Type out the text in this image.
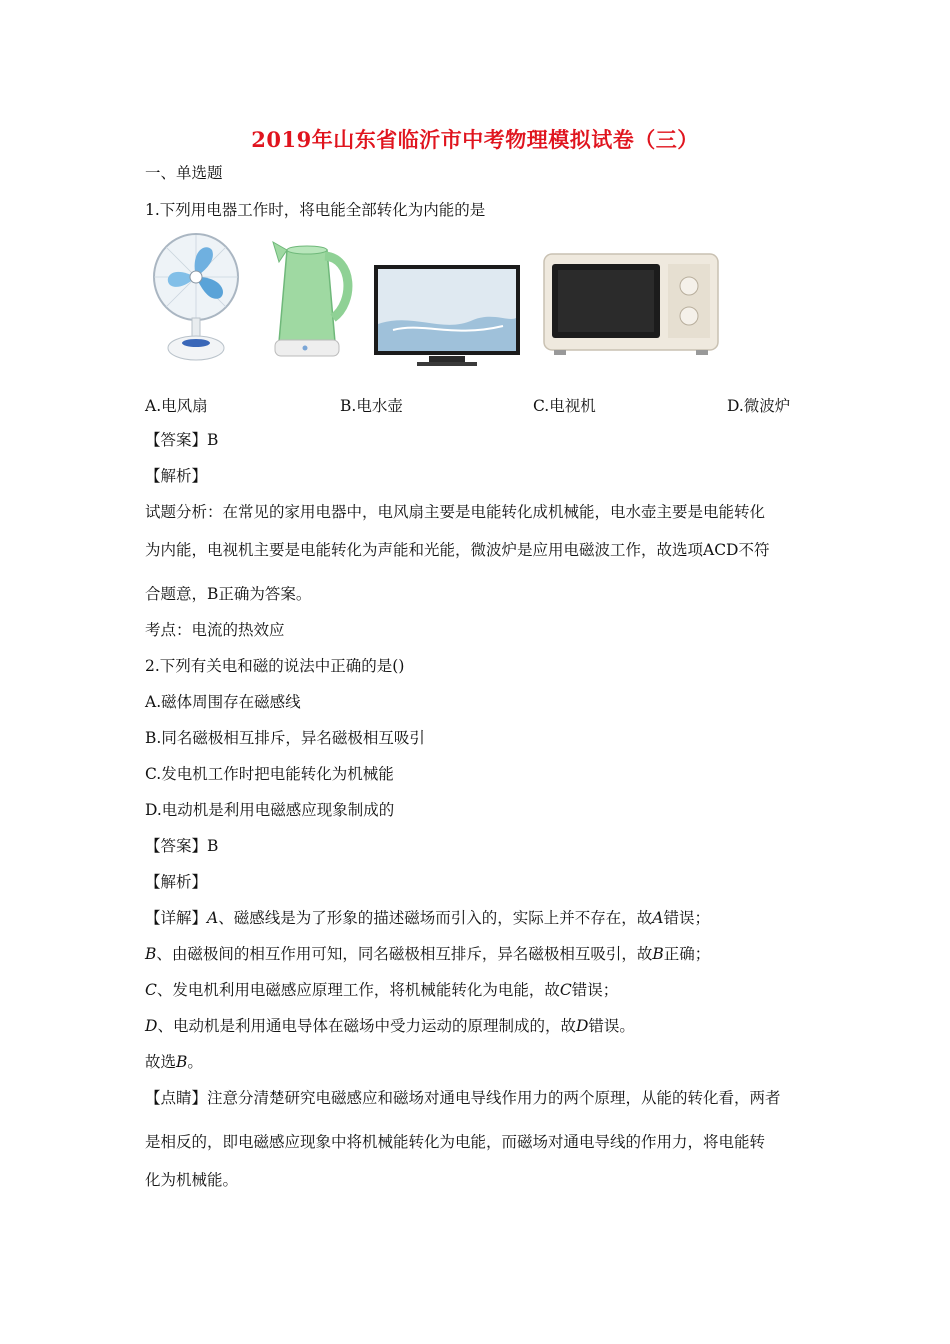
2019年山东省临沂市中考物理模拟试卷（三）
一、单选题
1.下列用电器工作时，将电能全部转化为内能的是
A.电风扇	B.电水壶	C.电视机	D.微波炉
【答案】B
【解析】
试题分析：在常见的家用电器中，电风扇主要是电能转化成机械能，电水壶主要是电能转化
为内能，电视机主要是电能转化为声能和光能，微波炉是应用电磁波工作，故选项ACD不符
合题意，B正确为答案。
考点：电流的热效应
2.下列有关电和磁的说法中正确的是()
A.磁体周围存在磁感线
B.同名磁极相互排斥，异名磁极相互吸引
C.发电机工作时把电能转化为机械能
D.电动机是利用电磁感应现象制成的
【答案】B
【解析】
【详解】A、磁感线是为了形象的描述磁场而引入的，实际上并不存在，故A错误；
B、由磁极间的相互作用可知，同名磁极相互排斥，异名磁极相互吸引，故B正确；
C、发电机利用电磁感应原理工作，将机械能转化为电能，故C错误；
D、电动机是利用通电导体在磁场中受力运动的原理制成的，故D错误。
故选B。
【点睛】注意分清楚研究电磁感应和磁场对通电导线作用力的两个原理，从能的转化看，两者
是相反的，即电磁感应现象中将机械能转化为电能，而磁场对通电导线的作用力，将电能转
化为机械能。
